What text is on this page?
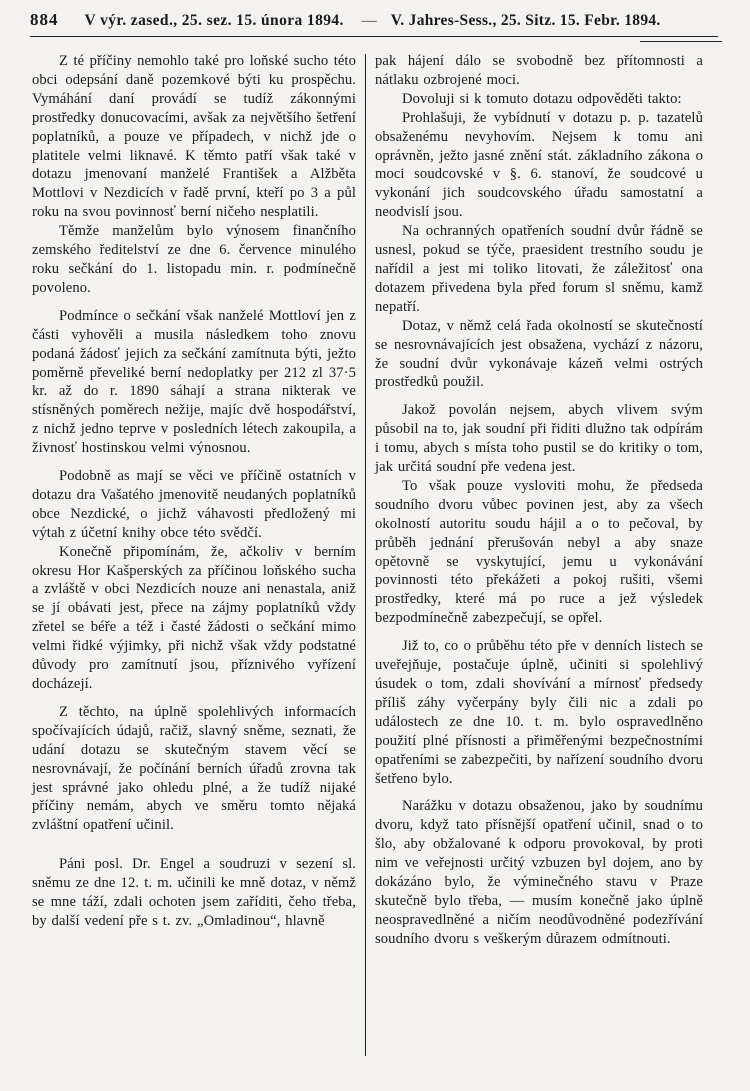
884 V výr. zased., 25. sez. 15. února 1894. — V. Jahres-Sess., 25. Sitz. 15. Febr. 1894.

Z té příčiny nemohlo také pro loňské sucho této obci odepsání daně pozemkové býti ku prospěchu. Vymáhání daní provádí se tudíž zákonnými prostředky donucovacími, avšak za největšího šetření poplatníků, a pouze ve případech, v nichž jde o platitele velmi liknavé. K těmto patří však také v dotazu jmenovaní manželé František a Alžběta Mottlovi v Nezdicích v řadě první, kteří po 3 a půl roku na svou povinnosť berní ničeho nesplatili.

Těmže manželům bylo výnosem finančního zemského ředitelství ze dne 6. července minulého roku sečkání do 1. listopadu min. r. podmínečně povoleno.

Podmínce o sečkání však nanželé Mottloví jen z části vyhověli a musila následkem toho znovu podaná žádosť jejich za sečkání zamítnuta býti, ježto poměrně převeliké berní nedoplatky per 212 zl 37·5 kr. až do r. 1890 sáhají a strana nikterak ve stísněných poměrech nežije, majíc dvě hospodářství, z nichž jedno teprve v posledních létech zakoupila, a živnosť hostinskou velmi výnosnou.

Podobně as mají se věci ve příčině ostatních v dotazu dra Vašatého jmenovitě neudaných poplatníků obce Nezdické, o jichž váhavosti předložený mi výtah z účetní knihy obce této svědčí.

Konečně připomínám, že, ačkoliv v berním okresu Hor Kašperských za příčinou loňského sucha a zvláště v obci Nezdicích nouze ani nenastala, aniž se jí obávati jest, přece na zájmy poplatníků vždy zřetel se béře a též i časté žádosti o sečkání mimo velmi řidké výjimky, při nichž však vždy podstatné důvody pro zamítnutí jsou, příznivého vyřízení docházejí.

Z těchto, na úplně spolehlivých informacích spočívajících údajů, račiž, slavný sněme, seznati, že udání dotazu se skutečným stavem věcí se nesrovnávají, že počínání berních úřadů zrovna tak jest správné jako ohledu plné, a že tudíž nijaké příčiny nemám, abych ve směru tomto nějaká zvláštní opatření učinil.

Páni posl. Dr. Engel a soudruzi v sezení sl. sněmu ze dne 12. t. m. učinili ke mně dotaz, v němž se mne táží, zdali ochoten jsem zaříditi, čeho třeba, by další vedení pře s t. zv. „Omladinou“, hlavně

pak hájení dálo se svobodně bez přítomnosti a nátlaku ozbrojené moci.

Dovoluji si k tomuto dotazu odpověděti takto:

Prohlašuji, že vybídnutí v dotazu p. p. tazatelů obsaženému nevyhovím. Nejsem k tomu ani oprávněn, ježto jasné znění stát. základního zákona o moci soudcovské v §. 6. stanoví, že soudcové u vykonání jich soudcovského úřadu samostatní a neodvislí jsou.

Na ochranných opatřeních soudní dvůr řádně se usnesl, pokud se týče, praesident trestního soudu je nařídil a jest mi toliko litovati, že záležitosť ona dotazem přivedena byla před forum sl sněmu, kamž nepatří.

Dotaz, v němž celá řada okolností se skutečností se nesrovnávajících jest obsažena, vychází z názoru, že soudní dvůr vykonávaje kázeň velmi ostrých prostředků použil.

Jakož povolán nejsem, abych vlivem svým působil na to, jak soudní při řiditi dlužno tak odpírám i tomu, abych s místa toho pustil se do kritiky o tom, jak určitá soudní pře vedena jest.

To však pouze vysloviti mohu, že předseda soudního dvoru vůbec povinen jest, aby za všech okolností autoritu soudu hájil a o to pečoval, by průběh jednání přerušován nebyl a aby snaze opětovně se vyskytující, jemu u vykonávání povinnosti této překážeti a pokoj rušiti, všemi prostředky, které má po ruce a jež výsledek bezpodmínečně zabezpečují, se opřel.

Již to, co o průběhu této pře v denních listech se uveřejňuje, postačuje úplně, učiniti si spolehlivý úsudek o tom, zdali shovívání a mírnosť předsedy příliš záhy vyčerpány byly čili nic a zdali po událostech ze dne 10. t. m. bylo ospravedlněno použití plné přísnosti a přiměřenými bezpečnostními opatřeními se zabezpečiti, by nařízení soudního dvoru šetřeno bylo.

Narážku v dotazu obsaženou, jako by soudnímu dvoru, když tato přísnější opatření učinil, snad o to šlo, aby obžalované k odporu provokoval, by proti nim ve veřejnosti určitý vzbuzen byl dojem, ano by dokázáno bylo, že výminečného stavu v Praze skutečně bylo třeba, — musím konečně jako úplně neospravedlněné a ničím neodůvodněné podezřívání soudního dvoru s veškerým důrazem odmítnouti.
